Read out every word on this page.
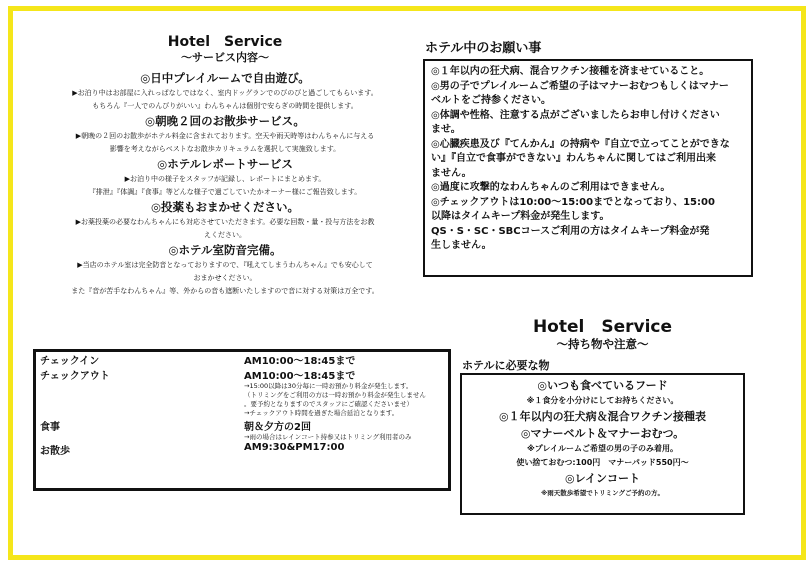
Hotel　Service
〜サービス内容〜
◎日中プレイルームで自由遊び。
▶お泊り中はお部屋に入れっぱなしではなく、室内ドッグランでのびのびと過ごしてもらいます。
もちろん『一人でのんびりがいい』わんちゃんは個別で安らぎの時間を提供します。
◎朝晚２回のお散歩サービス。
▶朝晚の２回のお散歩がホテル料金に含まれております。空天や雨天時等はわんちゃんに与える
影響を考えながらベストなお散歩カリキュラムを選択して実施致します。
◎ホテルレポートサービス
▶お泊り中の様子をスタッフが記録し、レポートにまとめます。
『排泄』『体調』『食事』等どんな様子で過ごしていたかオーナー様にご報告致します。
◎投薬もおまかせください。
▶お薬投薬の必要なわんちゃんにも対応させていただきます。必要な回数・量・投与方法をお教
えください。
◎ホテル室防音完備。
▶当店のホテル室は完全防音となっておりますので、『吼えてしまうわんちゃん』でも安心して
おまかせください。
また『音が苦手なわんちゃん』等、外からの音も遮断いたしますので音に対する対策は万全です。
チェックイン	AM10:00〜18:45まで

チェックアウト	AM10:00〜18:45まで
→15:00以降は30分毎に一時お預かり料金が発生します。
（トリミングをご利用の方は一時お預かり料金が発生しません
。要予約となりますのでスタッフにご確認くださいませ）
→チェックアウト時間を過ぎた場合延泊となります。

食事	朝＆夕方の2回

	→雨の場合はレインコート持参又はトリミング利用者のみ

お散歩	AM9:30&PM17:00
ホテル中のお願い事
◎１年以内の狂犬病、混合ワクチン接種を済ませていること。
◎男の子でプレイルームご希望の子はマナーおむつもしくはマナー
ベルトをご持参ください。
◎体調や性格、注意する点がございましたらお申し付けください
ませ。
◎心臓疾患及び『てんかん』の持病や『自立で立ってことができな
い』『自立で食事ができない』わんちゃんに関してはご利用出来
ません。
◎過度に攻撃的なわんちゃんのご利用はできません。
◎チェックアウトは10:00〜15:00までとなっており、15:00
以降はタイムキープ料金が発生します。
QS・S・SC・SBCコースご利用の方はタイムキープ料金が発
生しません。
Hotel　Service
〜持ち物や注意〜
ホテルに必要な物
◎いつも食べているフード
※１食分を小分けにしてお持ちください。
◎１年以内の狂犬病＆混合ワクチン接種表
◎マナーベルト＆マナーおむつ。
※プレイルームご希望の男の子のみ着用。
使い捨ておむつ:100円　マナーパッド550円〜
◎レインコート
※雨天散歩希望でトリミングご予約の方。
